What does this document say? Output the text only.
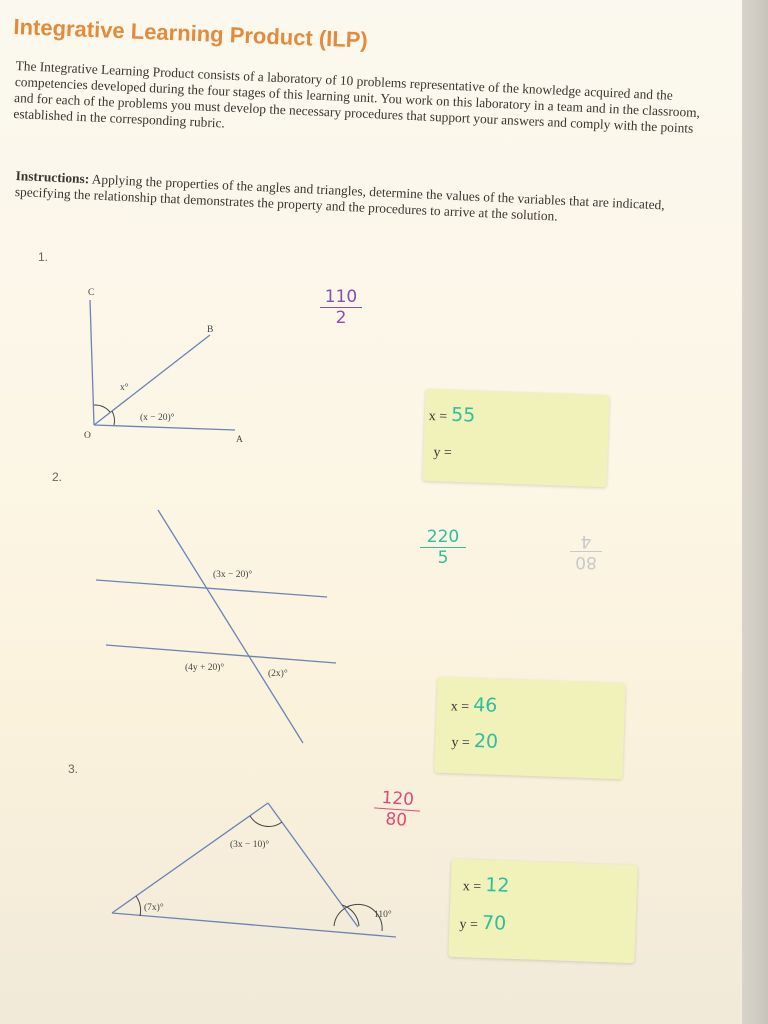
Integrative Learning Product (ILP)
The Integrative Learning Product consists of a laboratory of 10 problems representative of the knowledge acquired and the competencies developed during the four stages of this learning unit. You work on this laboratory in a team and in the classroom, and for each of the problems you must develop the necessary procedures that support your answers and comply with the points established in the corresponding rubric.
Instructions: Applying the properties of the angles and triangles, determine the values of the variables that are indicated, specifying the relationship that demonstrates the property and the procedures to arrive at the solution.
1.
C
B
O	A
x°
(x − 20)°
110
2
x = 55
y =
2.
(3x − 20)°
(4y + 20)°
(2x)°
220
5	80
4
x = 46
y = 20
3.
(3x − 10)°
(7x)°
110°
120
80
x = 12
y = 70
